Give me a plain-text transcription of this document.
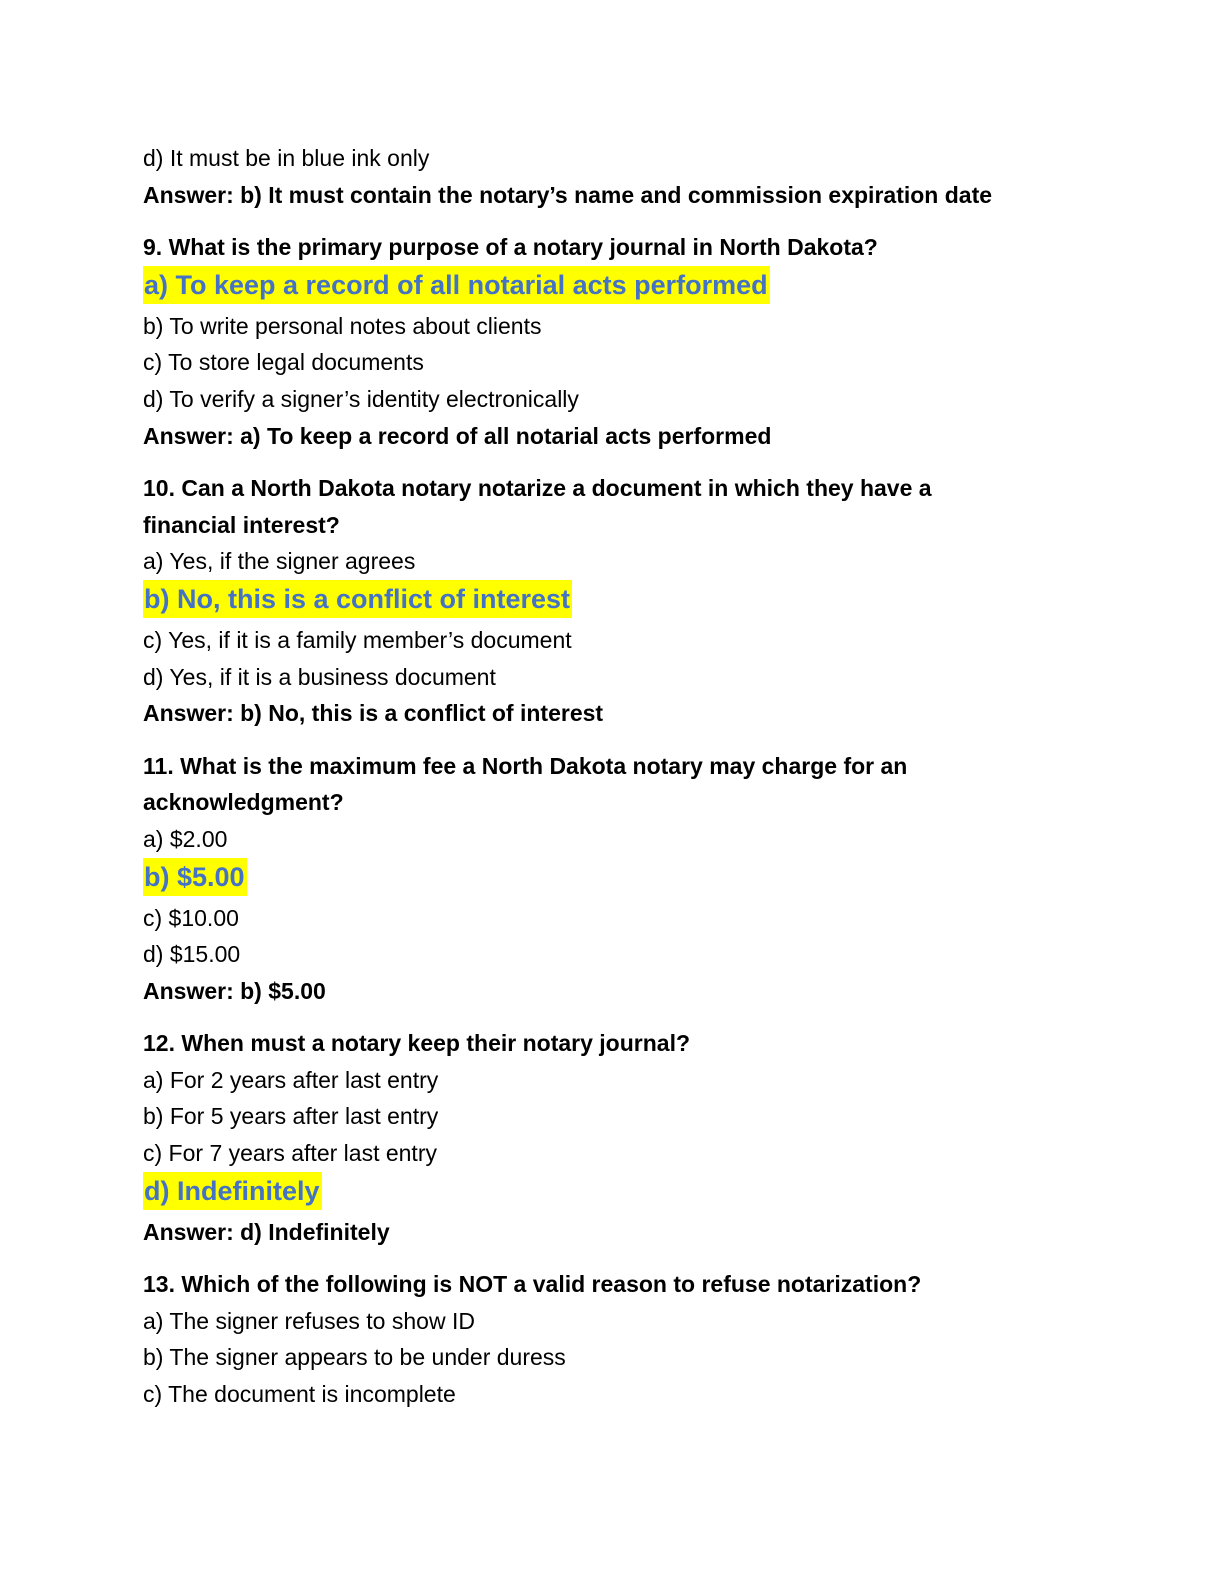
d) It must be in blue ink only
Answer: b) It must contain the notary’s name and commission expiration date
9. What is the primary purpose of a notary journal in North Dakota?
a) To keep a record of all notarial acts performed
b) To write personal notes about clients
c) To store legal documents
d) To verify a signer’s identity electronically
Answer: a) To keep a record of all notarial acts performed
10. Can a North Dakota notary notarize a document in which they have a financial interest?
a) Yes, if the signer agrees
b) No, this is a conflict of interest
c) Yes, if it is a family member’s document
d) Yes, if it is a business document
Answer: b) No, this is a conflict of interest
11. What is the maximum fee a North Dakota notary may charge for an acknowledgment?
a) $2.00
b) $5.00
c) $10.00
d) $15.00
Answer: b) $5.00
12. When must a notary keep their notary journal?
a) For 2 years after last entry
b) For 5 years after last entry
c) For 7 years after last entry
d) Indefinitely
Answer: d) Indefinitely
13. Which of the following is NOT a valid reason to refuse notarization?
a) The signer refuses to show ID
b) The signer appears to be under duress
c) The document is incomplete
